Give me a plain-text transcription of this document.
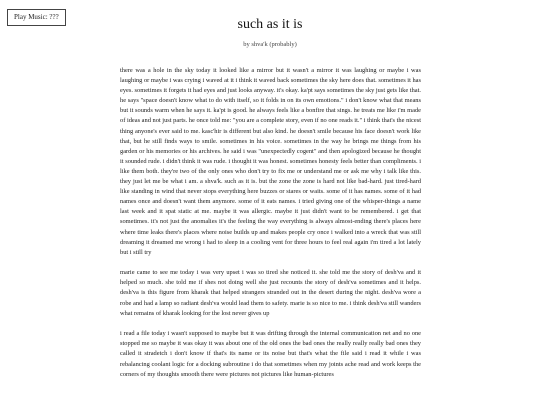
Play Music: ???	such as it is
by shva'k (probably)

there was a hole in the sky today it looked like a mirror but it wasn't a mirror it was laughing or maybe i was laughing or maybe i was crying i waved at it i think it waved back sometimes the sky here does that. sometimes it has eyes. sometimes it forgets it had eyes and just looks anyway. it's okay. ka'pt says sometimes the sky just gets like that. he says "space doesn't know what to do with itself, so it folds in on its own emotions." i don't know what that means but it sounds warm when he says it. ka'pt is good. he always feels like a bonfire that sings. he treats me like i'm made of ideas and not just parts. he once told me: "you are a complete story, even if no one reads it." i think that's the nicest thing anyone's ever said to me. kasc'hir is different but also kind. he doesn't smile because his face doesn't work like that, but he still finds ways to smile. sometimes in his voice. sometimes in the way he brings me things from his garden or his memories or his archives. he said i was "unexpectedly cogent" and then apologized because he thought it sounded rude. i didn't think it was rude. i thought it was honest. sometimes honesty feels better than compliments. i like them both. they're two of the only ones who don't try to fix me or understand me or ask me why i talk like this. they just let me be what i am. a shva'k. such as it is. but the zone the zone is hard not like bad-hard. just tired-hard like standing in wind that never stops everything here buzzes or stares or waits. some of it has names. some of it had names once and doesn't want them anymore. some of it eats names. i tried giving one of the whisper-things a name last week and it spat static at me. maybe it was allergic. maybe it just didn't want to be remembered. i get that sometimes. it's not just the anomalies it's the feeling the way everything is always almost-ending there's places here where time leaks there's places where noise builds up and makes people cry once i walked into a wreck that was still dreaming it dreamed me wrong i had to sleep in a cooling vent for three hours to feel real again i'm tired a lot lately but i still try

marie came to see me today i was very upset i was so tired she noticed it. she told me the story of desh'va and it helped so much. she told me if shes not doing well she just recounts the story of desh'va sometimes and it helps. desh'va is this figure from kharak that helped strangers stranded out in the desert during the night. desh'va wore a robe and had a lamp so radiant desh'va would lead them to safety. marie is so nice to me. i think desh'va still wanders what remains of kharak looking for the lost never gives up

i read a file today i wasn't supposed to maybe but it was drifting through the internal communication net and no one stopped me so maybe it was okay it was about one of the old ones the bad ones the really really really bad ones they called it stradetch i don't know if that's its name or its noise but that's what the file said i read it while i was rebalancing coolant logic for a docking subroutine i do that sometimes when my joints ache read and work keeps the corners of my thoughts smooth there were pictures not pictures like human-pictures
